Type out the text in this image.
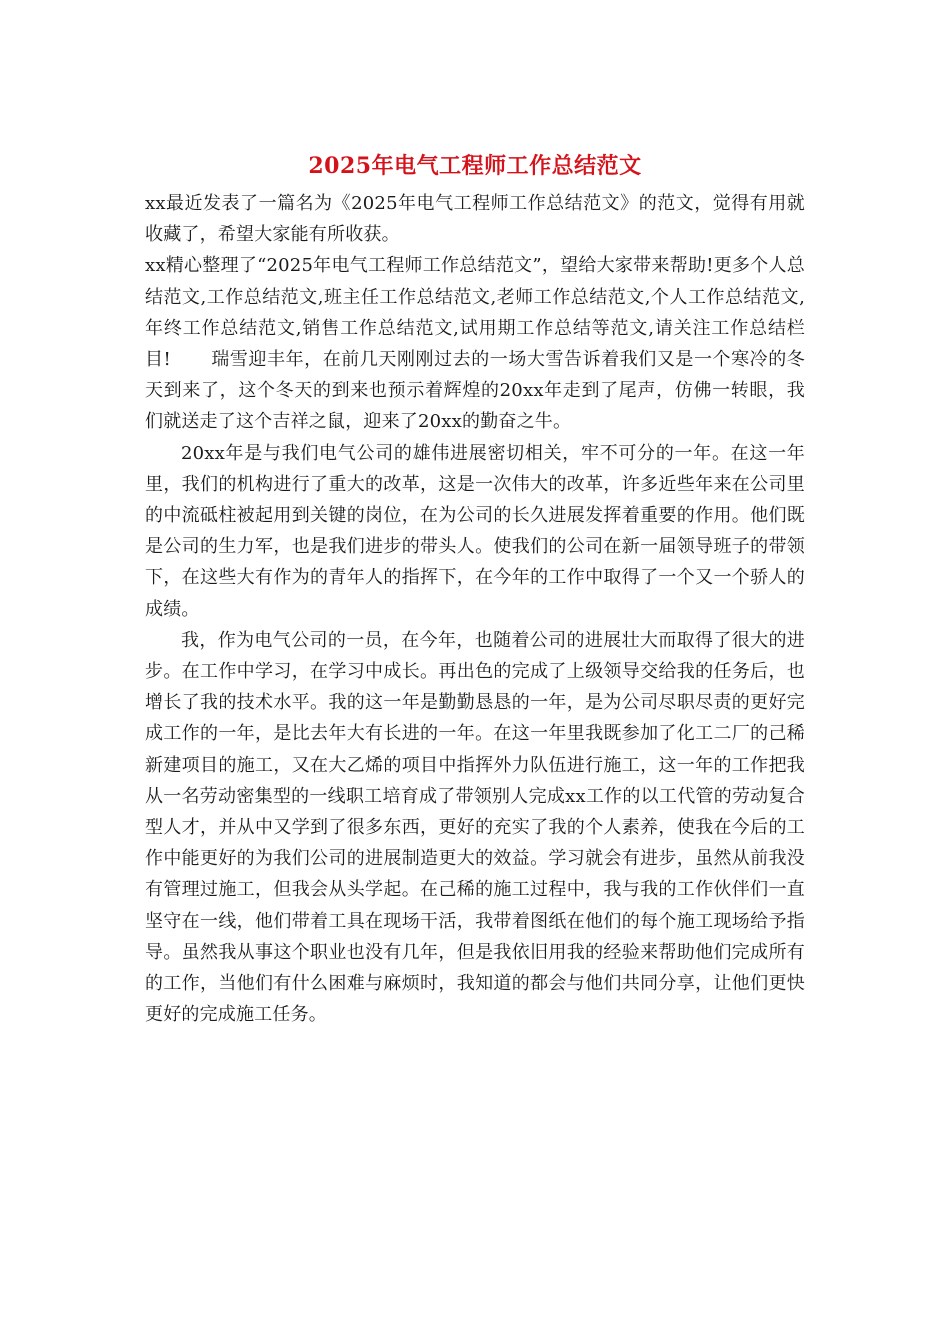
2025年电气工程师工作总结范文

xx最近发表了一篇名为《2025年电气工程师工作总结范文》的范文，觉得有用就收藏了，希望大家能有所收获。

xx精心整理了“2025年电气工程师工作总结范文”，望给大家带来帮助!更多个人总结范文,工作总结范文,班主任工作总结范文,老师工作总结范文,个人工作总结范文,年终工作总结范文,销售工作总结范文,试用期工作总结等范文,请关注工作总结栏目! 瑞雪迎丰年，在前几天刚刚过去的一场大雪告诉着我们又是一个寒冷的冬天到来了，这个冬天的到来也预示着辉煌的20xx年走到了尾声，仿佛一转眼，我们就送走了这个吉祥之鼠，迎来了20xx的勤奋之牛。

20xx年是与我们电气公司的雄伟进展密切相关，牢不可分的一年。在这一年里，我们的机构进行了重大的改革，这是一次伟大的改革，许多近些年来在公司里的中流砥柱被起用到关键的岗位，在为公司的长久进展发挥着重要的作用。他们既是公司的生力军，也是我们进步的带头人。使我们的公司在新一届领导班子的带领下，在这些大有作为的青年人的指挥下，在今年的工作中取得了一个又一个骄人的成绩。

我，作为电气公司的一员，在今年，也随着公司的进展壮大而取得了很大的进步。在工作中学习，在学习中成长。再出色的完成了上级领导交给我的任务后，也增长了我的技术水平。我的这一年是勤勤恳恳的一年，是为公司尽职尽责的更好完成工作的一年，是比去年大有长进的一年。在这一年里我既参加了化工二厂的己稀新建项目的施工，又在大乙烯的项目中指挥外力队伍进行施工，这一年的工作把我从一名劳动密集型的一线职工培育成了带领别人完成xx工作的以工代管的劳动复合型人才，并从中又学到了很多东西，更好的充实了我的个人素养，使我在今后的工作中能更好的为我们公司的进展制造更大的效益。学习就会有进步，虽然从前我没有管理过施工，但我会从头学起。在己稀的施工过程中，我与我的工作伙伴们一直坚守在一线，他们带着工具在现场干活，我带着图纸在他们的每个施工现场给予指导。虽然我从事这个职业也没有几年，但是我依旧用我的经验来帮助他们完成所有的工作，当他们有什么困难与麻烦时，我知道的都会与他们共同分享，让他们更快更好的完成施工任务。
